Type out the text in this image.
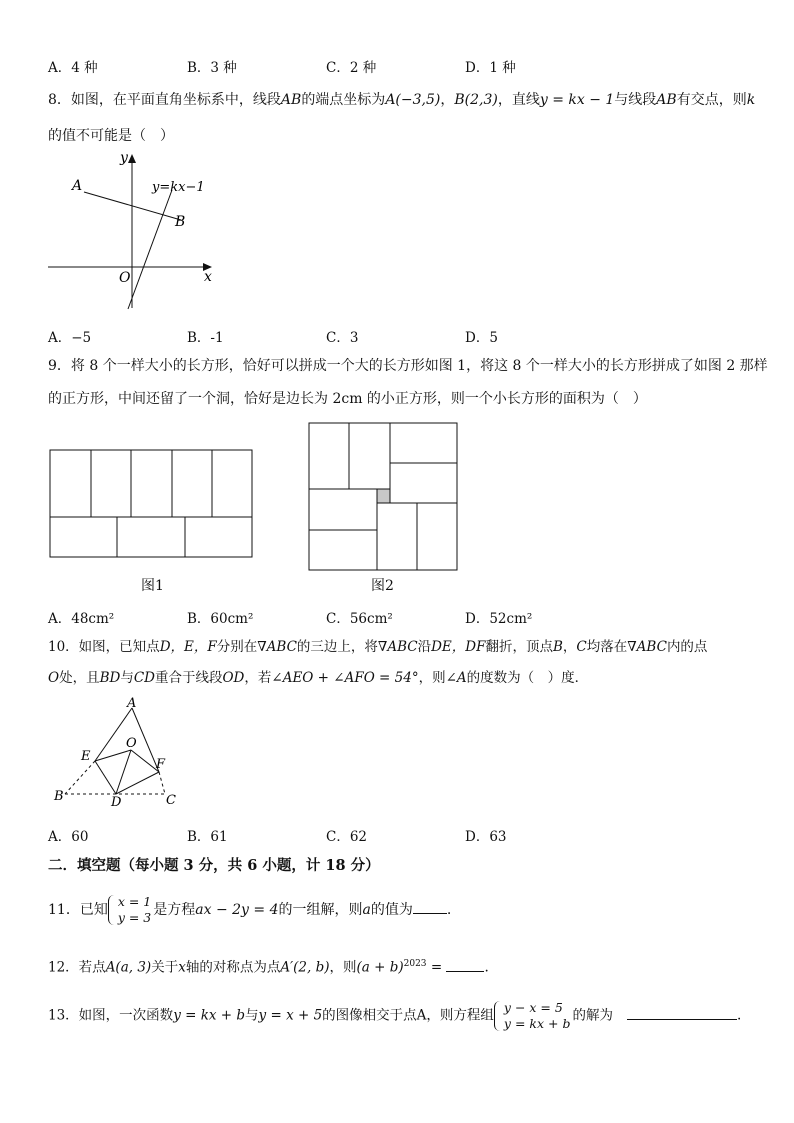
A．4 种	B．3 种	C．2 种	D．1 种
8．如图，在平面直角坐标系中，线段AB的端点坐标为A(−3,5)，B(2,3)，直线y = kx − 1与线段AB有交点，则k
的值不可能是（　）
A
B
O	x
y
y=kx−1
A．−5	B．-1	C．3	D．5
9．将 8 个一样大小的长方形，恰好可以拼成一个大的长方形如图 1，将这 8 个一样大小的长方形拼成了如图 2 那样
的正方形，中间还留了一个洞，恰好是边长为 2cm 的小正方形，则一个小长方形的面积为（　）
图1	图2
A．48cm²	B．60cm²	C．56cm²	D．52cm²
10．如图，已知点D，E，F分别在∇ABC的三边上，将∇ABC沿DE，DF翻折，顶点B，C均落在∇ABC内的点
O处，且BD与CD重合于线段OD，若∠AEO + ∠AFO = 54°，则∠A的度数为（　）度．
A
B	C
D
E
F
O
A．60	B．61	C．62	D．63
二．填空题（每小题 3 分，共 6 小题，计 18 分）
11．已知
x = 1
y = 3 是方程ax − 2y = 4的一组解，则a的值为 .
12．若点A(a, 3)关于x轴的对称点为点A′(2, b)，则$(a + b)^{2023}$ =	.
13．如图，一次函数y = kx + b与y = x + 5的图像相交于点A，则方程组 y − x = 5
y = kx + b 的解为	.
